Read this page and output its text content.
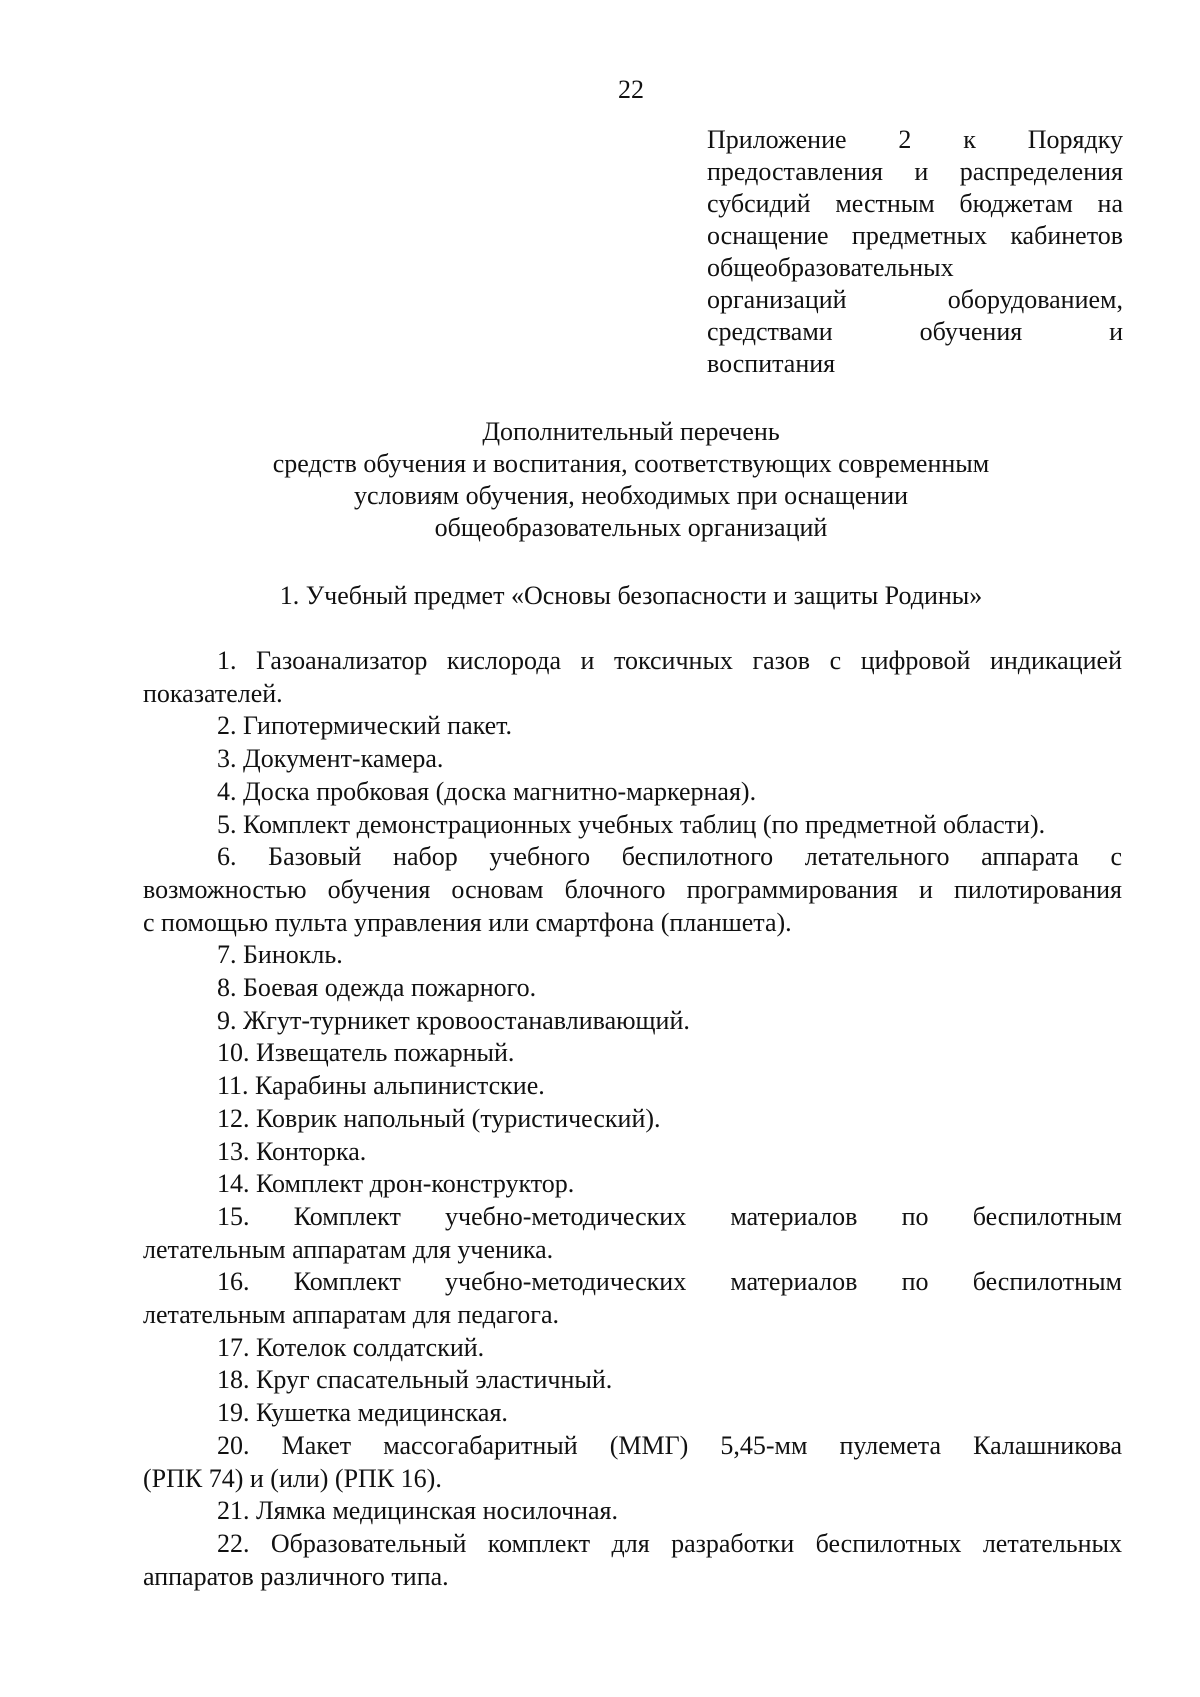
22
Приложение 2 к Порядку
предоставления и распределения
субсидий местным бюджетам на
оснащение предметных кабинетов
общеобразовательных
организаций оборудованием,
средствами обучения и
воспитания
Дополнительный перечень
средств обучения и воспитания, соответствующих современным
условиям обучения, необходимых при оснащении
общеобразовательных организаций
1. Учебный предмет «Основы безопасности и защиты Родины»
1. Газоанализатор кислорода и токсичных газов с цифровой индикацией
показателей.
2. Гипотермический пакет.
3. Документ-камера.
4. Доска пробковая (доска магнитно-маркерная).
5. Комплект демонстрационных учебных таблиц (по предметной области).
6. Базовый набор учебного беспилотного летательного аппарата с
возможностью обучения основам блочного программирования и пилотирования
с помощью пульта управления или смартфона (планшета).
7. Бинокль.
8. Боевая одежда пожарного.
9. Жгут-турникет кровоостанавливающий.
10. Извещатель пожарный.
11. Карабины альпинистские.
12. Коврик напольный (туристический).
13. Конторка.
14. Комплект дрон-конструктор.
15. Комплект учебно-методических материалов по беспилотным
летательным аппаратам для ученика.
16. Комплект учебно-методических материалов по беспилотным
летательным аппаратам для педагога.
17. Котелок солдатский.
18. Круг спасательный эластичный.
19. Кушетка медицинская.
20. Макет массогабаритный (ММГ) 5,45-мм пулемета Калашникова
(РПК 74) и (или) (РПК 16).
21. Лямка медицинская носилочная.
22. Образовательный комплект для разработки беспилотных летательных
аппаратов различного типа.
